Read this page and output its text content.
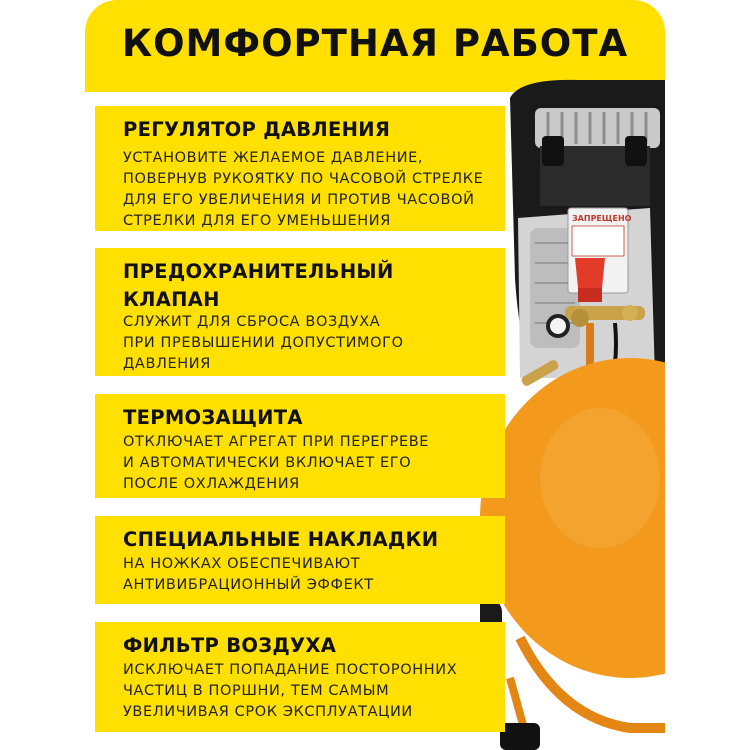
КОМФОРТНАЯ РАБОТА
ЗАПРЕЩЕНО
РЕГУЛЯТОР ДАВЛЕНИЯ
УСТАНОВИТЕ ЖЕЛАЕМОЕ ДАВЛЕНИЕ,
ПОВЕРНУВ РУКОЯТКУ ПО ЧАСОВОЙ СТРЕЛКЕ
ДЛЯ ЕГО УВЕЛИЧЕНИЯ И ПРОТИВ ЧАСОВОЙ
СТРЕЛКИ ДЛЯ ЕГО УМЕНЬШЕНИЯ
ПРЕДОХРАНИТЕЛЬНЫЙ
КЛАПАН
СЛУЖИТ ДЛЯ СБРОСА ВОЗДУХА
ПРИ ПРЕВЫШЕНИИ ДОПУСТИМОГО
ДАВЛЕНИЯ
ТЕРМОЗАЩИТА
ОТКЛЮЧАЕТ АГРЕГАТ ПРИ ПЕРЕГРЕВЕ
И АВТОМАТИЧЕСКИ ВКЛЮЧАЕТ ЕГО
ПОСЛЕ ОХЛАЖДЕНИЯ
СПЕЦИАЛЬНЫЕ НАКЛАДКИ
НА НОЖКАХ ОБЕСПЕЧИВАЮТ
АНТИВИБРАЦИОННЫЙ ЭФФЕКТ
ФИЛЬТР ВОЗДУХА
ИСКЛЮЧАЕТ ПОПАДАНИЕ ПОСТОРОННИХ
ЧАСТИЦ В ПОРШНИ, ТЕМ САМЫМ
УВЕЛИЧИВАЯ СРОК ЭКСПЛУАТАЦИИ
